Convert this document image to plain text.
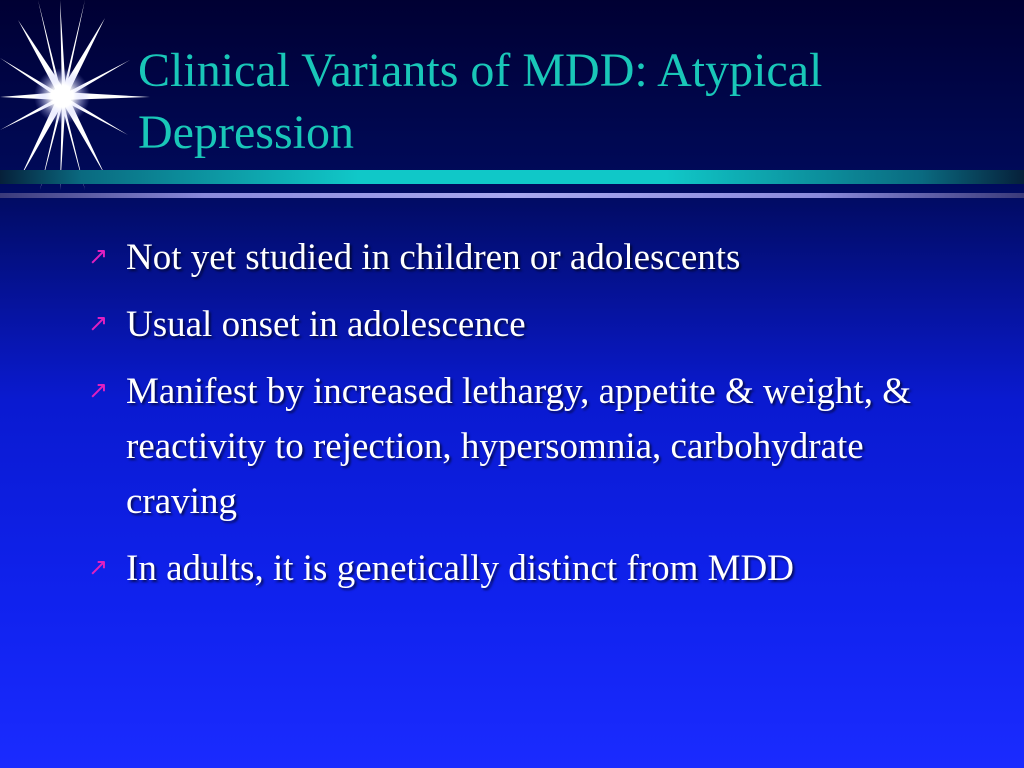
Clinical Variants of MDD: Atypical
Depression
↗ Not yet studied in children or adolescents
↗ Usual onset in adolescence
↗ Manifest by increased lethargy, appetite & weight, & reactivity to rejection, hypersomnia, carbohydrate craving
↗ In adults, it is genetically distinct from MDD
